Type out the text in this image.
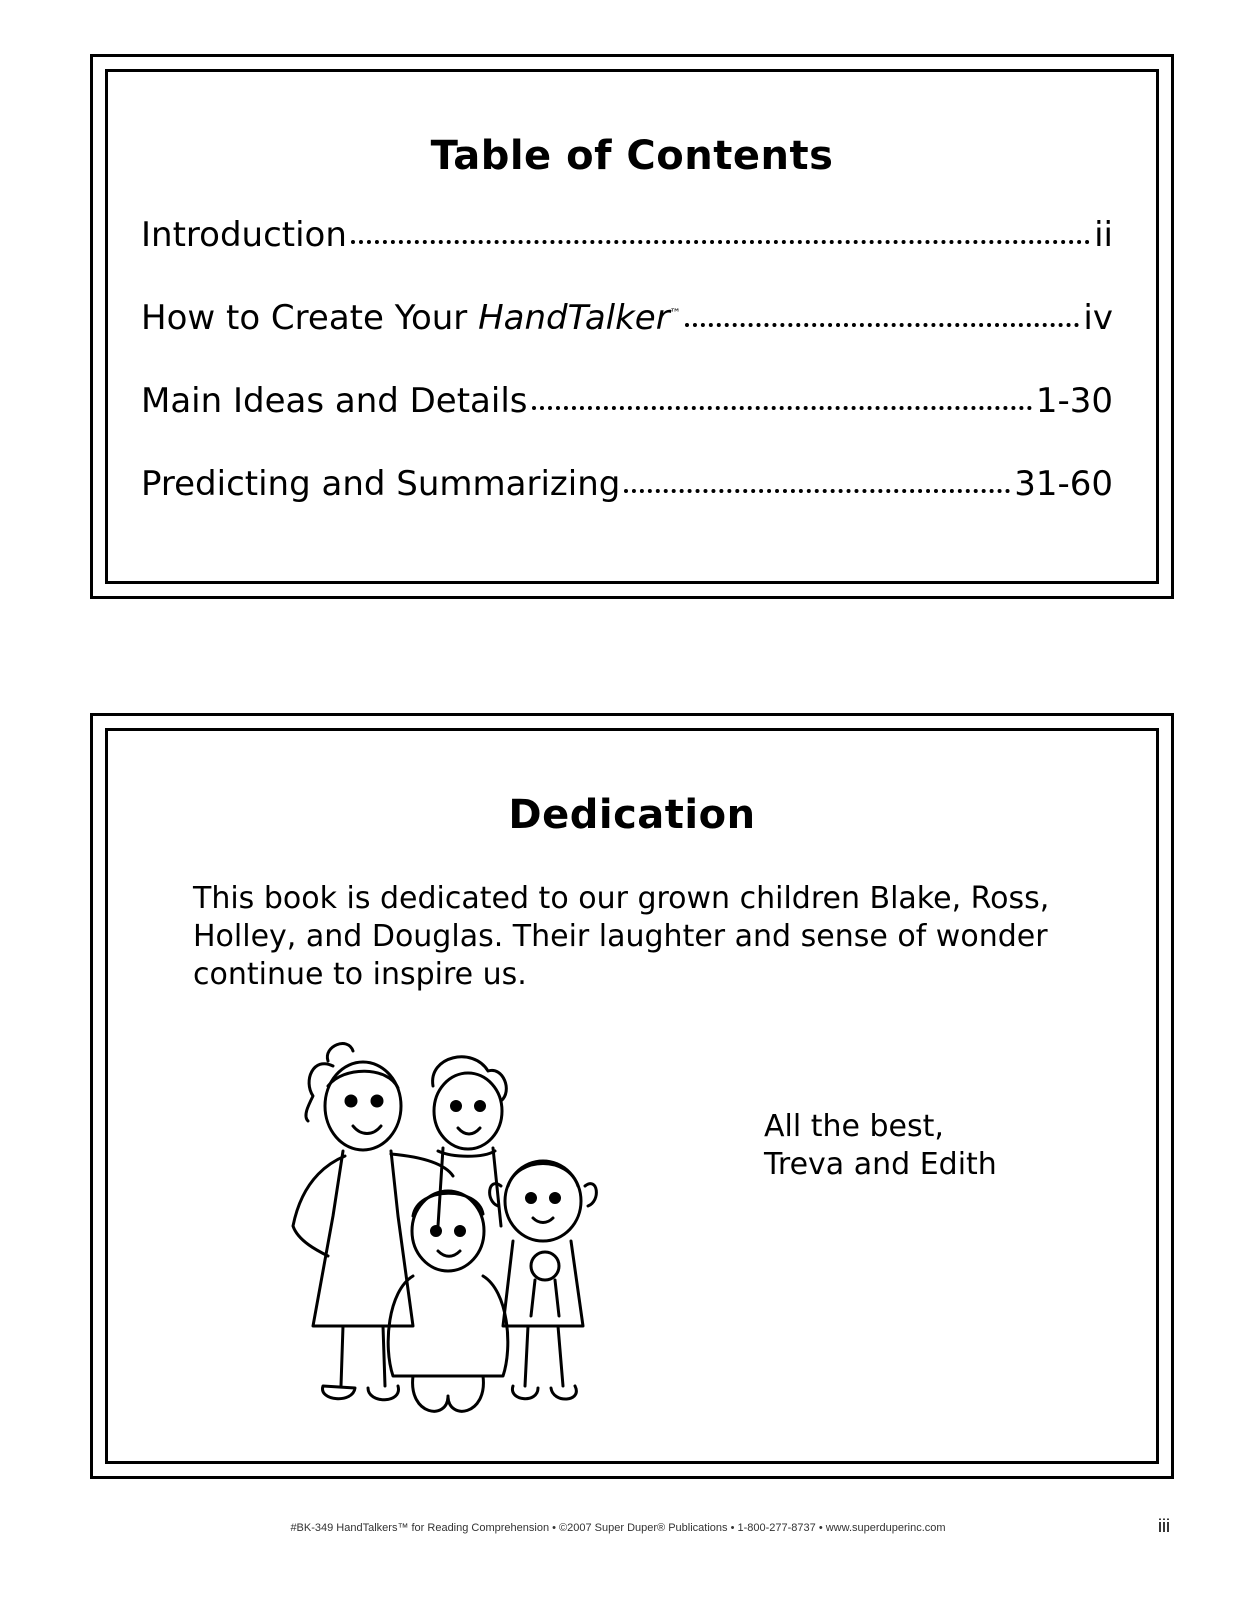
Table of Contents
Introduction	ii
How to Create Your HandTalker™	iv
Main Ideas and Details	1-30
Predicting and Summarizing	31-60
Dedication
This book is dedicated to our grown children Blake, Ross,
Holley, and Douglas. Their laughter and sense of wonder
continue to inspire us.
All the best,
Treva and Edith
#BK-349 HandTalkers™ for Reading Comprehension • ©2007 Super Duper® Publications • 1-800-277-8737 • www.superduperinc.com	iii
